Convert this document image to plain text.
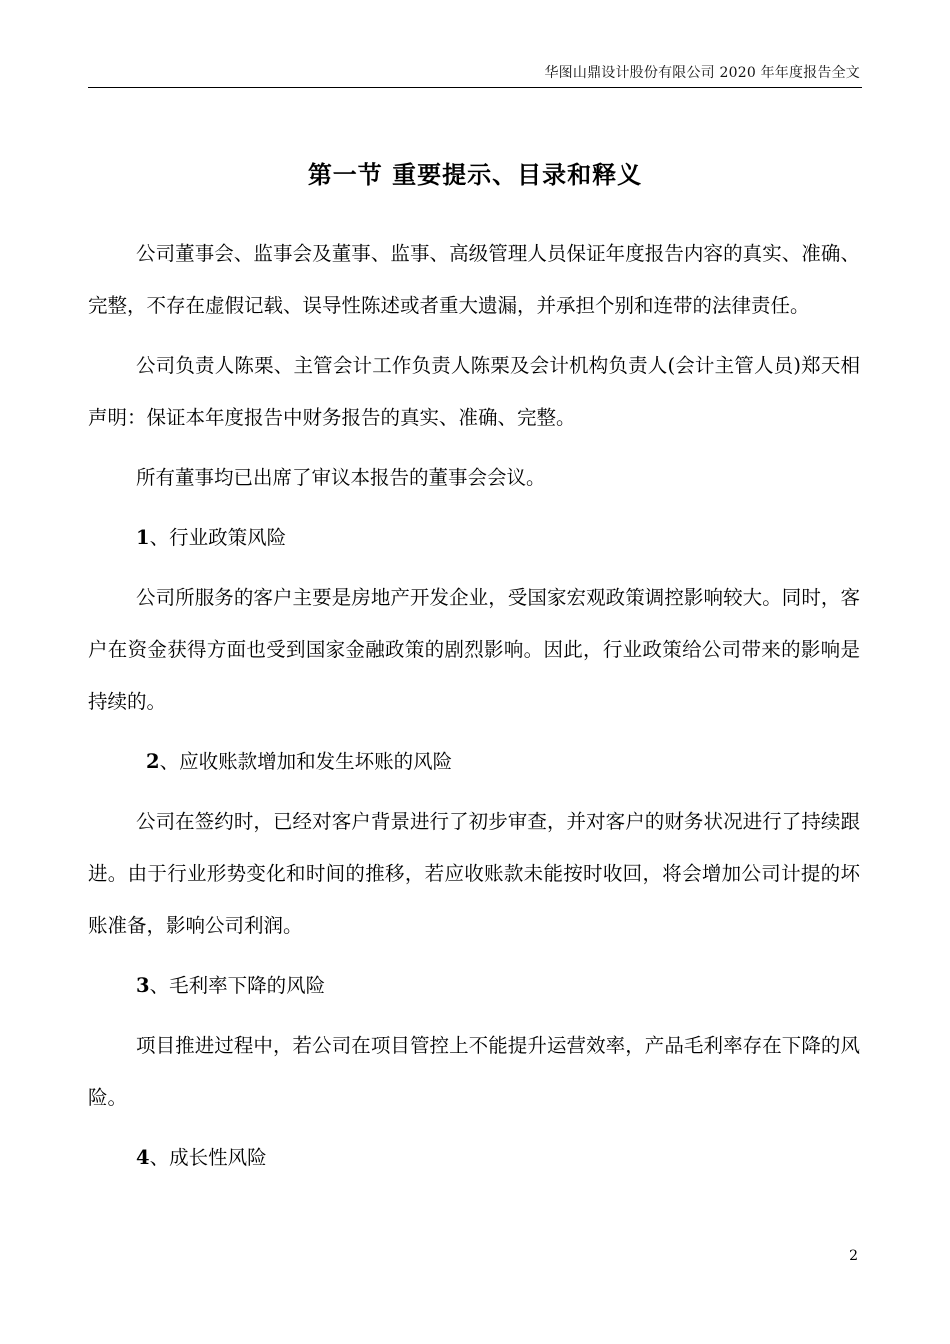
华图山鼎设计股份有限公司 2020 年年度报告全文
第一节 重要提示、目录和释义

公司董事会、监事会及董事、监事、高级管理人员保证年度报告内容的真实、准确、完整，不存在虚假记载、误导性陈述或者重大遗漏，并承担个别和连带的法律责任。

公司负责人陈栗、主管会计工作负责人陈栗及会计机构负责人(会计主管人员)郑天相声明：保证本年度报告中财务报告的真实、准确、完整。

所有董事均已出席了审议本报告的董事会会议。

1、行业政策风险

公司所服务的客户主要是房地产开发企业，受国家宏观政策调控影响较大。同时，客户在资金获得方面也受到国家金融政策的剧烈影响。因此，行业政策给公司带来的影响是持续的。

2、应收账款增加和发生坏账的风险

公司在签约时，已经对客户背景进行了初步审查，并对客户的财务状况进行了持续跟进。由于行业形势变化和时间的推移，若应收账款未能按时收回，将会增加公司计提的坏账准备，影响公司利润。

3、毛利率下降的风险

项目推进过程中，若公司在项目管控上不能提升运营效率，产品毛利率存在下降的风险。

4、成长性风险

2
